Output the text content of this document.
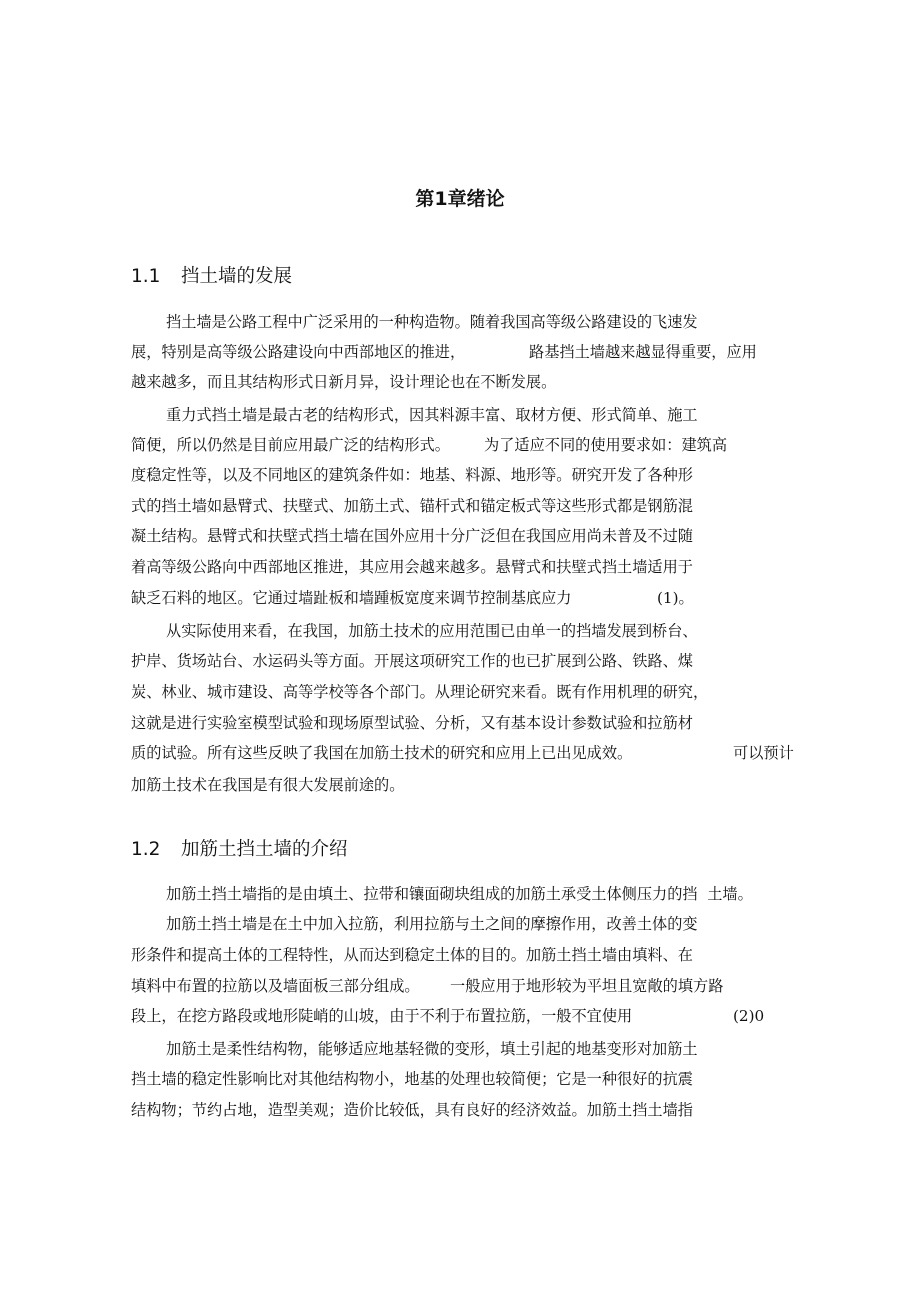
第1章绪论
1.1 挡土墙的发展

挡土墙是公路工程中广泛采用的一种构造物。随着我国高等级公路建设的飞速发

展，特别是高等级公路建设向中西部地区的推进，	路基挡土墙越来越显得重要，应用

越来越多，而且其结构形式日新月异，设计理论也在不断发展。

重力式挡土墙是最古老的结构形式，因其料源丰富、取材方便、形式简单、施工

简便，所以仍然是目前应用最广泛的结构形式。 为了适应不同的使用要求如：建筑高

度稳定性等，以及不同地区的建筑条件如：地基、料源、地形等。研究开发了各种形

式的挡土墙如悬臂式、扶壁式、加筋土式、锚杆式和锚定板式等这些形式都是钢筋混

凝土结构。悬臂式和扶壁式挡土墙在国外应用十分广泛但在我国应用尚未普及不过随

着高等级公路向中西部地区推进，其应用会越来越多。悬臂式和扶壁式挡土墙适用于

缺乏石料的地区。它通过墙趾板和墙踵板宽度来调节控制基底应力	(1)。

从实际使用来看，在我国，加筋土技术的应用范围已由单一的挡墙发展到桥台、

护岸、货场站台、水运码头等方面。开展这项研究工作的也已扩展到公路、铁路、煤

炭、林业、城市建设、高等学校等各个部门。从理论研究来看。既有作用机理的研究，

这就是进行实验室模型试验和现场原型试验、分析，又有基本设计参数试验和拉筋材

质的试验。所有这些反映了我国在加筋土技术的研究和应用上已出见成效。	可以预计

加筋土技术在我国是有很大发展前途的。

1.2 加筋土挡土墙的介绍

加筋土挡土墙指的是由填土、拉带和镶面砌块组成的加筋土承受土体侧压力的挡  土墙。

加筋土挡土墙是在土中加入拉筋，利用拉筋与土之间的摩擦作用，改善土体的变

形条件和提高土体的工程特性，从而达到稳定土体的目的。加筋土挡土墙由填料、在

填料中布置的拉筋以及墙面板三部分组成。 一般应用于地形较为平坦且宽敞的填方路

段上，在挖方路段或地形陡峭的山坡，由于不利于布置拉筋，一般不宜使用	(2)0

加筋土是柔性结构物，能够适应地基轻微的变形，填土引起的地基变形对加筋土

挡土墙的稳定性影响比对其他结构物小，地基的处理也较简便；它是一种很好的抗震

结构物；节约占地，造型美观；造价比较低，具有良好的经济效益。加筋土挡土墙指
